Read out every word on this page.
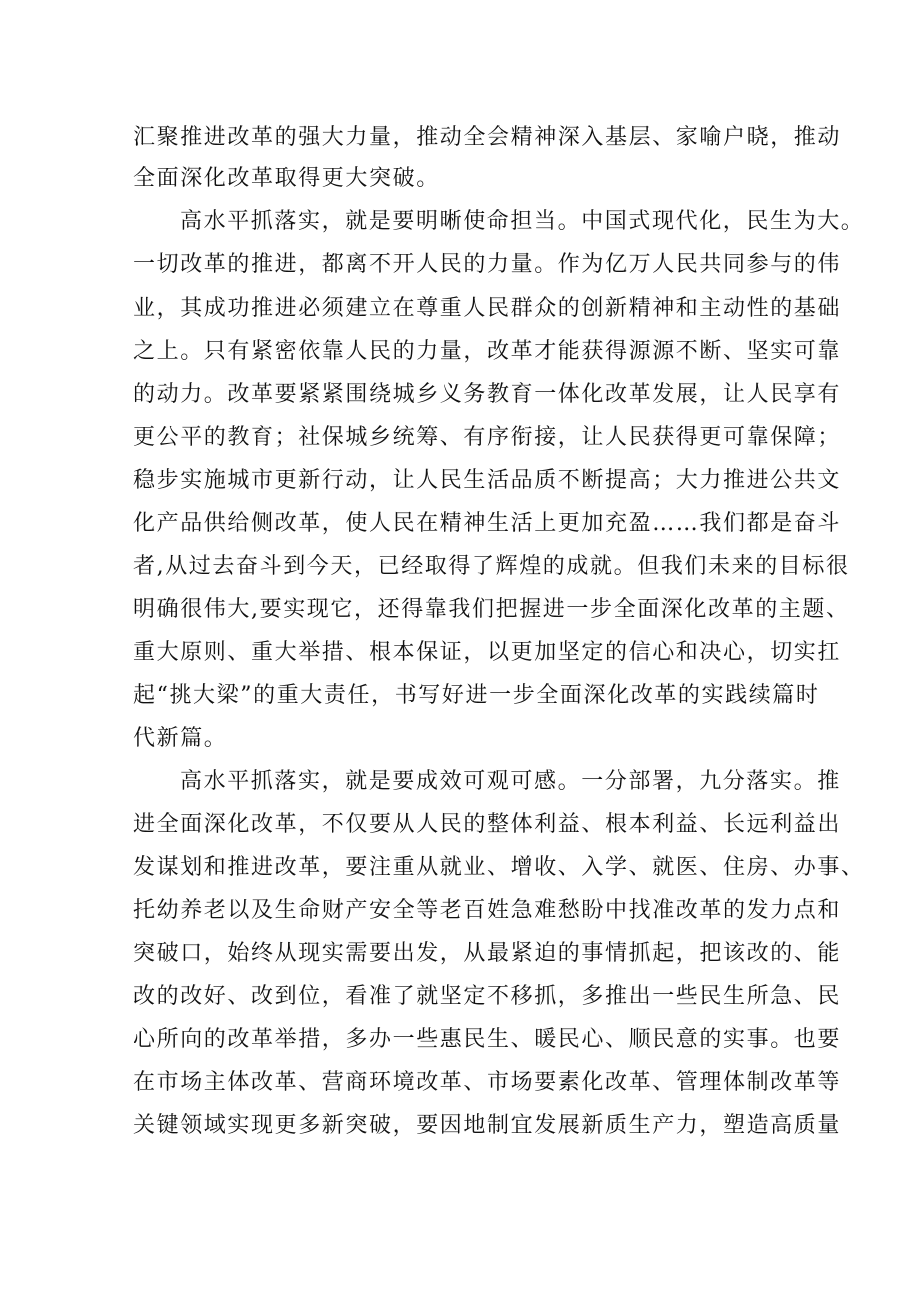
汇聚推进改革的强大力量，推动全会精神深入基层、家喻户晓，推动
全面深化改革取得更大突破。
高水平抓落实，就是要明晰使命担当。中国式现代化，民生为大。
一切改革的推进，都离不开人民的力量。作为亿万人民共同参与的伟
业，其成功推进必须建立在尊重人民群众的创新精神和主动性的基础
之上。只有紧密依靠人民的力量，改革才能获得源源不断、坚实可靠
的动力。改革要紧紧围绕城乡义务教育一体化改革发展，让人民享有
更公平的教育；社保城乡统筹、有序衔接，让人民获得更可靠保障；
稳步实施城市更新行动，让人民生活品质不断提高；大力推进公共文
化产品供给侧改革，使人民在精神生活上更加充盈……我们都是奋斗
者,从过去奋斗到今天，已经取得了辉煌的成就。但我们未来的目标很
明确很伟大,要实现它，还得靠我们把握进一步全面深化改革的主题、
重大原则、重大举措、根本保证，以更加坚定的信心和决心，切实扛
起“挑大梁”的重大责任，书写好进一步全面深化改革的实践续篇时
代新篇。
高水平抓落实，就是要成效可观可感。一分部署，九分落实。推
进全面深化改革，不仅要从人民的整体利益、根本利益、长远利益出
发谋划和推进改革，要注重从就业、增收、入学、就医、住房、办事、
托幼养老以及生命财产安全等老百姓急难愁盼中找准改革的发力点和
突破口，始终从现实需要出发，从最紧迫的事情抓起，把该改的、能
改的改好、改到位，看准了就坚定不移抓，多推出一些民生所急、民
心所向的改革举措，多办一些惠民生、暖民心、顺民意的实事。也要
在市场主体改革、营商环境改革、市场要素化改革、管理体制改革等
关键领域实现更多新突破，要因地制宜发展新质生产力，塑造高质量
